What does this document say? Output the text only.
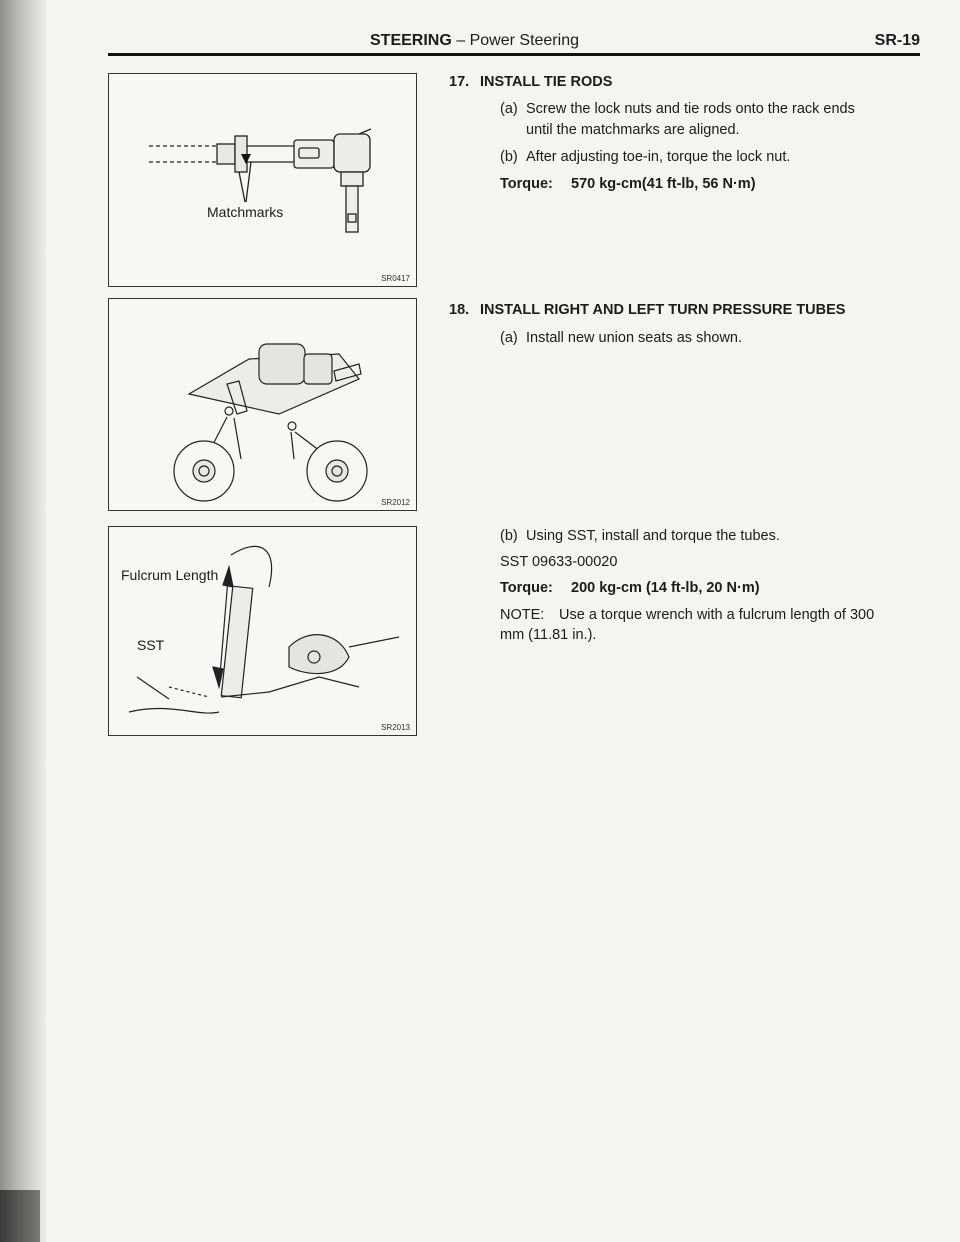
STEERING – Power Steering	SR-19
Matchmarks
SR0417
SR2012
Fulcrum Length
SST
SR2013
17. INSTALL TIE RODS
(a) Screw the lock nuts and tie rods onto the rack ends
until the matchmarks are aligned.
(b) After adjusting toe-in, torque the lock nut.
Torque: 570 kg-cm(41 ft-lb, 56 N·m)
18. INSTALL RIGHT AND LEFT TURN PRESSURE TUBES
(a) Install new union seats as shown.
(b) Using SST, install and torque the tubes.
SST 09633-00020
Torque: 200 kg-cm (14 ft-lb, 20 N·m)
NOTE: Use a torque wrench with a fulcrum length of 300
mm (11.81 in.).
